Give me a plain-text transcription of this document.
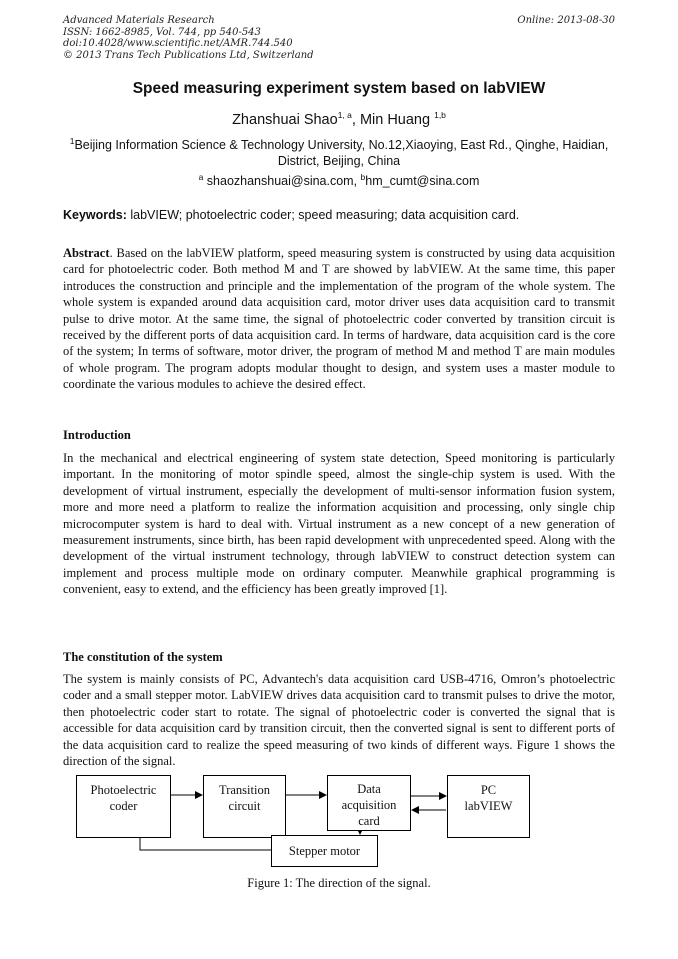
Advanced Materials Research
ISSN: 1662-8985, Vol. 744, pp 540-543
doi:10.4028/www.scientific.net/AMR.744.540
© 2013 Trans Tech Publications Ltd, Switzerland
Online: 2013-08-30
Speed measuring experiment system based on labVIEW
Zhanshuai Shao$^{1, a}$, Min Huang $^{1,b}$
$^1$Beijing Information Science & Technology University, No.12,Xiaoying, East Rd., Qinghe, Haidian, District, Beijing, China
$^a$ shaozhanshuai@sina.com, $^b$hm_cumt@sina.com
Keywords: labVIEW; photoelectric coder; speed measuring; data acquisition card.
Abstract. Based on the labVIEW platform, speed measuring system is constructed by using data acquisition card for photoelectric coder. Both method M and T are showed by labVIEW. At the same time, this paper introduces the construction and principle and the implementation of the program of the whole system. The whole system is expanded around data acquisition card, motor driver uses data acquisition card to transmit pulse to drive motor. At the same time, the signal of photoelectric coder converted by transition circuit is received by the different ports of data acquisition card. In terms of hardware, data acquisition card is the core of the system; In terms of software, motor driver, the program of method M and method T are main modules of whole program. The program adopts modular thought to design, and system uses a master module to coordinate the various modules to achieve the desired effect.
Introduction
In the mechanical and electrical engineering of system state detection, Speed monitoring is particularly important. In the monitoring of motor spindle speed, almost the single-chip system is used. With the development of virtual instrument, especially the development of multi-sensor information fusion system, more and more need a platform to realize the information acquisition and processing, only single chip microcomputer system is hard to deal with. Virtual instrument as a new concept of a new generation of measurement instruments, since birth, has been rapid development with unprecedented speed. Along with the development of the virtual instrument technology, through labVIEW to construct detection system can implement and process multiple mode on ordinary computer. Meanwhile graphical programming is convenient, easy to extend, and the efficiency has been greatly improved [1].
The constitution of the system
The system is mainly consists of PC, Advantech's data acquisition card USB-4716, Omron’s photoelectric coder and a small stepper motor. LabVIEW drives data acquisition card to transmit pulses to drive the motor, then photoelectric coder start to rotate. The signal of photoelectric coder is converted the signal that is accessible for data acquisition card by transition circuit, then the converted signal is sent to different ports of the data acquisition card to realize the speed measuring of two kinds of different ways. Figure 1 shows the direction of the signal.
Photoelectric
coder
Transition
circuit
Data
acquisition
card
PC
labVIEW
Stepper motor
Figure 1: The direction of the signal.
